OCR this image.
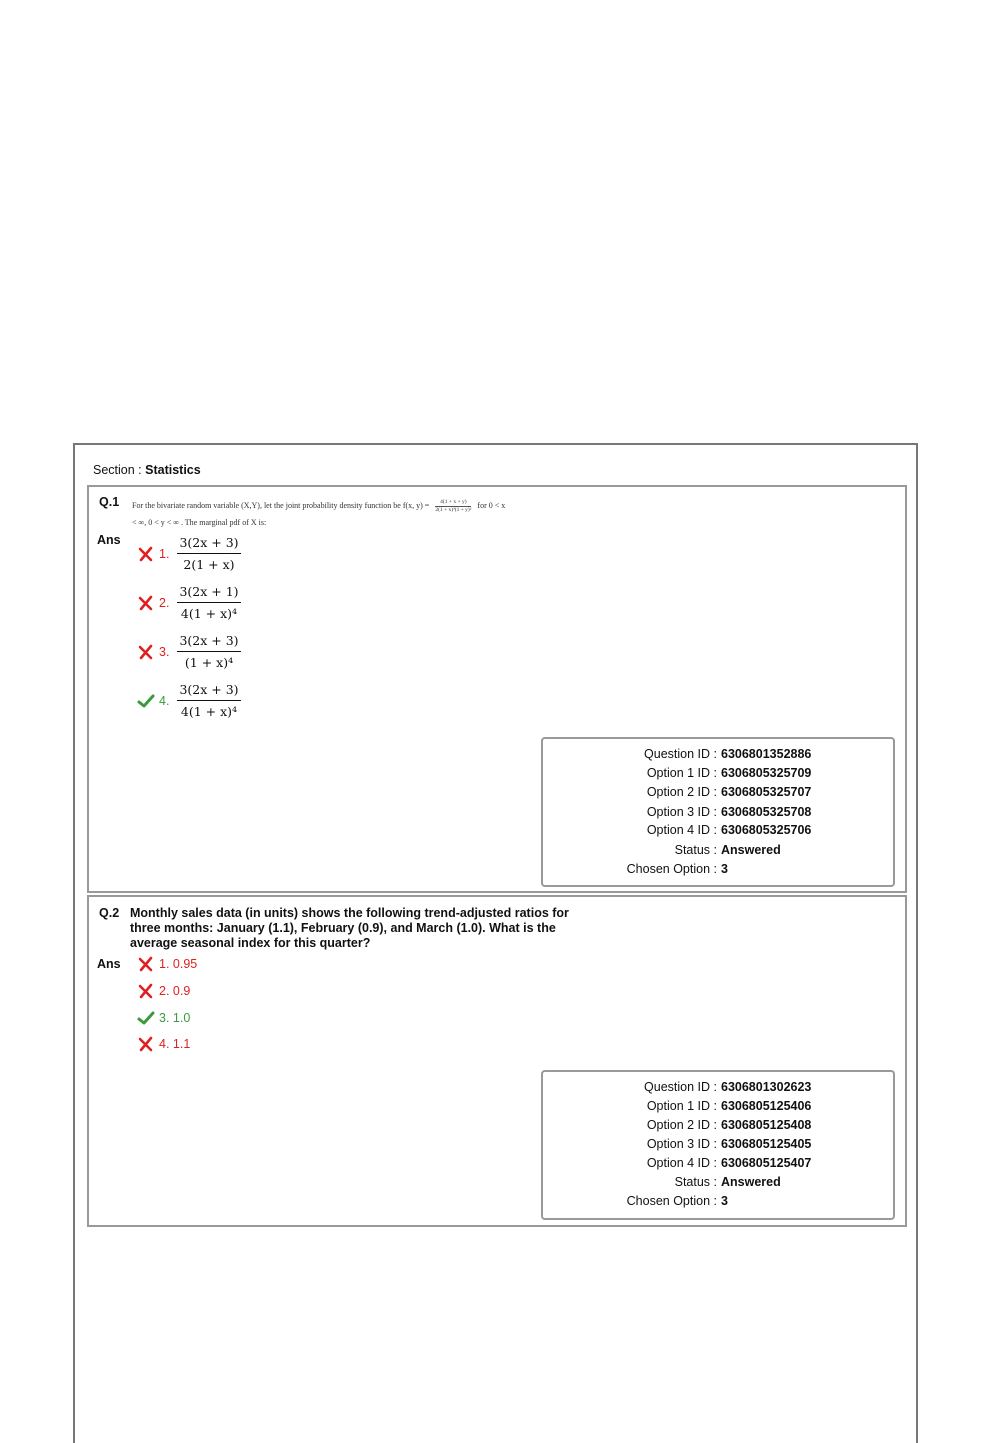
Section : Statistics
Q.1 For the bivariate random variable (X,Y), let the joint probability density function be f(x, $y) = \frac{4(1 + x + y)}{\text{2(1 + x)³(1 + y)²}}$ for 0 < x
< ∞, 0 < y < ∞ . The marginal pdf of X is:
Ans
1. $\frac{3(2x + 3)}{2(1 + x)}$
2. $\frac{3(2x + 1)}{\text{4(1 + x)⁴}}$
3. $\frac{3(2x + 3)}{\text{(1 + x)⁴}}$
4. $\frac{3(2x + 3)}{\text{4(1 + x)⁴}}$
Question ID : 6306801352886
Option 1 ID : 6306805325709
Option 2 ID : 6306805325707
Option 3 ID : 6306805325708
Option 4 ID : 6306805325706
Status : Answered
Chosen Option : 3
Q.2 Monthly sales data (in units) shows the following trend-adjusted ratios for three months: January (1.1), February (0.9), and March (1.0). What is the average seasonal index for this quarter?
Ans	1. 0.95
2. 0.9
3. 1.0
4. 1.1
Question ID : 6306801302623
Option 1 ID : 6306805125406
Option 2 ID : 6306805125408
Option 3 ID : 6306805125405
Option 4 ID : 6306805125407
Status : Answered
Chosen Option : 3
